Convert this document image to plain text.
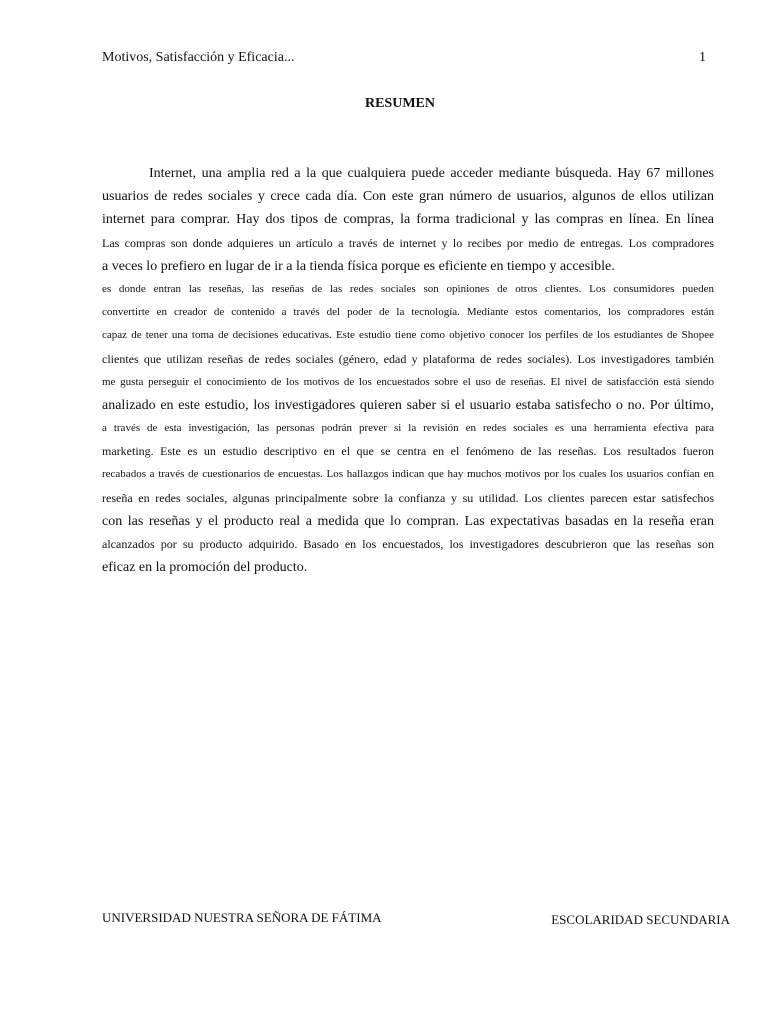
Motivos, Satisfacción y Eficacia...	1
RESUMEN
Internet, una amplia red a la que cualquiera puede acceder mediante búsqueda. Hay 67 millones
usuarios de redes sociales y crece cada día. Con este gran número de usuarios, algunos de ellos utilizan
internet para comprar. Hay dos tipos de compras, la forma tradicional y las compras en línea. En línea
Las compras son donde adquieres un artículo a través de internet y lo recibes por medio de entregas. Los compradores
a veces lo prefiero en lugar de ir a la tienda física porque es eficiente en tiempo y accesible.
es donde entran las reseñas, las reseñas de las redes sociales son opiniones de otros clientes. Los consumidores pueden
convertirte en creador de contenido a través del poder de la tecnología. Mediante estos comentarios, los compradores están
capaz de tener una toma de decisiones educativas. Este estudio tiene como objetivo conocer los perfiles de los estudiantes de Shopee
clientes que utilizan reseñas de redes sociales (género, edad y plataforma de redes sociales). Los investigadores también
me gusta perseguir el conocimiento de los motivos de los encuestados sobre el uso de reseñas. El nivel de satisfacción está siendo
analizado en este estudio, los investigadores quieren saber si el usuario estaba satisfecho o no. Por último,
a través de esta investigación, las personas podrán prever si la revisión en redes sociales es una herramienta efectiva para
marketing. Este es un estudio descriptivo en el que se centra en el fenómeno de las reseñas. Los resultados fueron
recabados a través de cuestionarios de encuestas. Los hallazgos indican que hay muchos motivos por los cuales los usuarios confían en
reseña en redes sociales, algunas principalmente sobre la confianza y su utilidad. Los clientes parecen estar satisfechos
con las reseñas y el producto real a medida que lo compran. Las expectativas basadas en la reseña eran
alcanzados por su producto adquirido. Basado en los encuestados, los investigadores descubrieron que las reseñas son
eficaz en la promoción del producto.
UNIVERSIDAD NUESTRA SEÑORA DE FÁTIMA	ESCOLARIDAD SECUNDARIA
